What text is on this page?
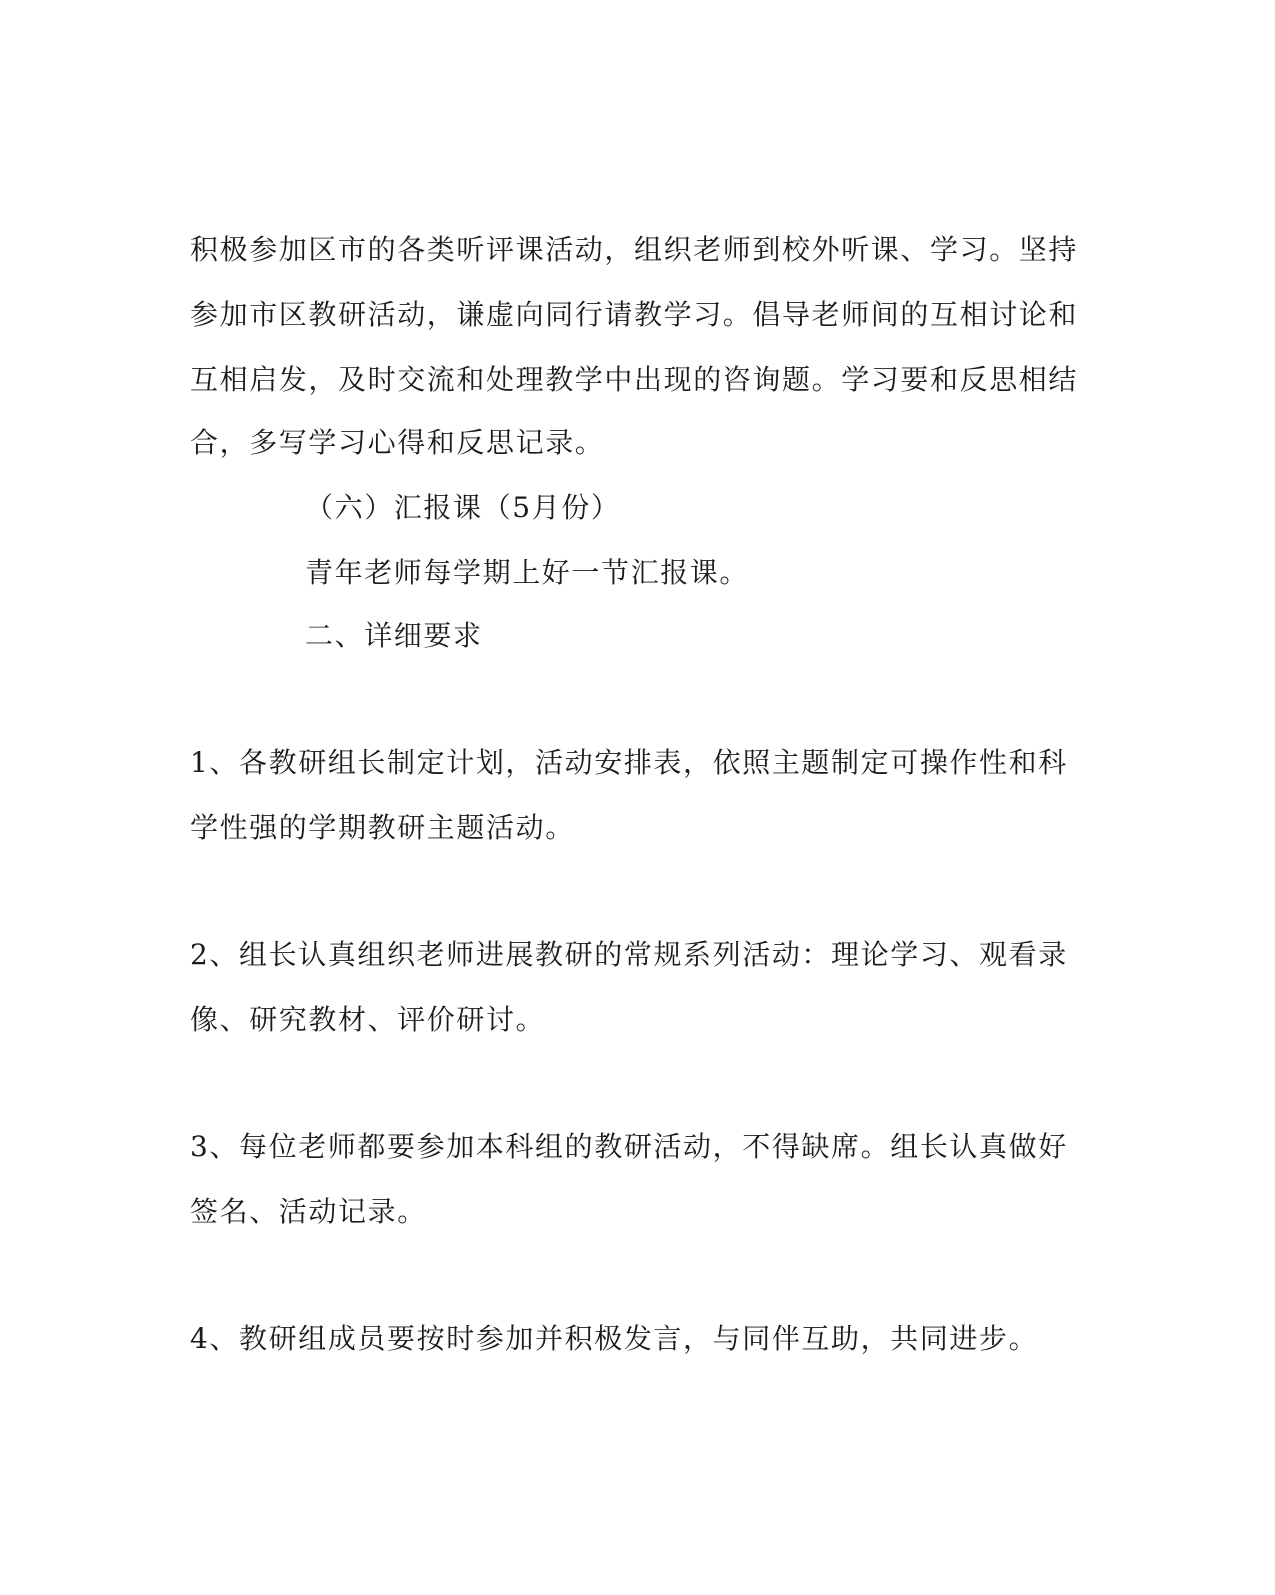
积极参加区市的各类听评课活动，组织老师到校外听课、学习。坚持
参加市区教研活动，谦虚向同行请教学习。倡导老师间的互相讨论和
互相启发，及时交流和处理教学中出现的咨询题。学习要和反思相结
合，多写学习心得和反思记录。
（六）汇报课（5月份）
青年老师每学期上好一节汇报课。
二、详细要求
1、各教研组长制定计划，活动安排表，依照主题制定可操作性和科
学性强的学期教研主题活动。
2、组长认真组织老师进展教研的常规系列活动：理论学习、观看录
像、研究教材、评价研讨。
3、每位老师都要参加本科组的教研活动，不得缺席。组长认真做好
签名、活动记录。
4、教研组成员要按时参加并积极发言，与同伴互助，共同进步。
